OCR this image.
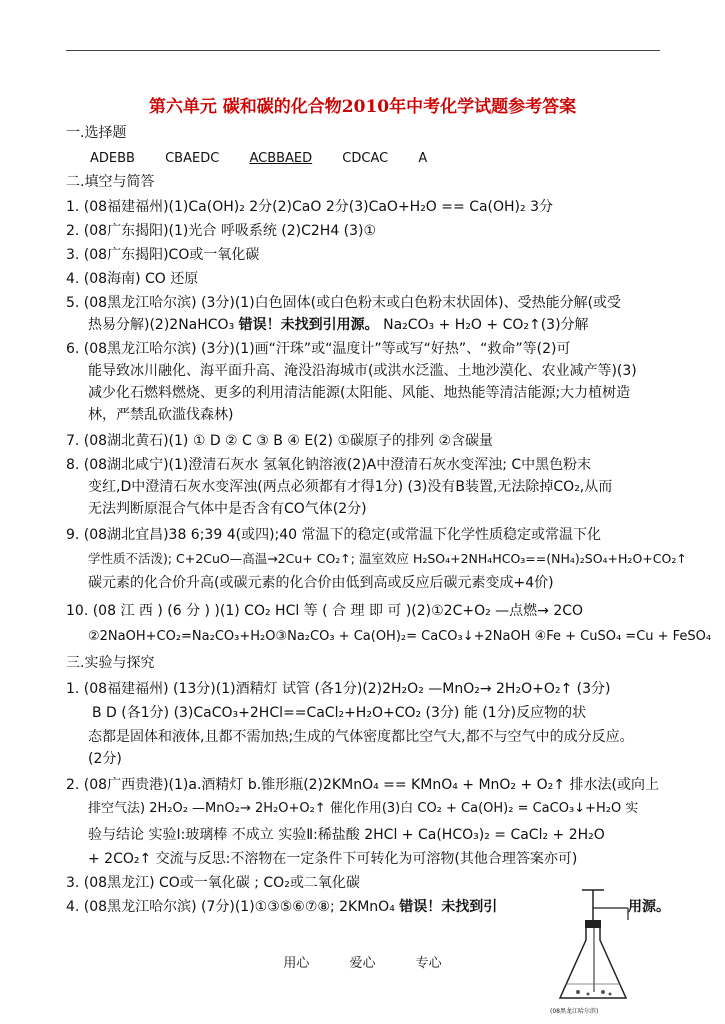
第六单元 碳和碳的化合物2010年中考化学试题参考答案
一.选择题
ADEBB CBAEDC ACBBAED CDCAC A
二.填空与简答
1. (08福建福州)(1)Ca(OH)₂ 2分(2)CaO 2分(3)CaO+H₂O == Ca(OH)₂ 3分
2. (08广东揭阳)(1)光合 呼吸系统 (2)C2H4 (3)①
3. (08广东揭阳)CO或一氧化碳
4. (08海南) CO 还原
5. (08黑龙江哈尔滨) (3分)(1)白色固体(或白色粉末或白色粉末状固体)、受热能分解(或受
热易分解)(2)2NaHCO₃ 错误！未找到引用源。 Na₂CO₃ + H₂O + CO₂↑(3)分解
6. (08黑龙江哈尔滨) (3分)(1)画“汗珠”或“温度计”等或写“好热”、“救命”等(2)可
能导致冰川融化、海平面升高、淹没沿海城市(或洪水泛滥、土地沙漠化、农业减产等)(3)
减少化石燃料燃烧、更多的利用清洁能源(太阳能、风能、地热能等清洁能源;大力植树造
林，严禁乱砍滥伐森林)
7. (08湖北黄石)(1) ① D ② C ③ B ④ E(2) ①碳原子的排列 ②含碳量
8. (08湖北咸宁)(1)澄清石灰水 氢氧化钠溶液(2)A中澄清石灰水变浑浊; C中黑色粉末
变红,D中澄清石灰水变浑浊(两点必须都有才得1分) (3)没有B装置,无法除掉CO₂,从而
无法判断原混合气体中是否含有CO气体(2分)
9. (08湖北宜昌)38 6;39 4(或四);40 常温下的稳定(或常温下化学性质稳定或常温下化
学性质不活泼); C+2CuO—高温→2Cu+ CO₂↑; 温室效应 H₂SO₄+2NH₄HCO₃==(NH₄)₂SO₄+H₂O+CO₂↑
碳元素的化合价升高(或碳元素的化合价由低到高或反应后碳元素变成+4价)
10. (08 江 西 ) (6 分 ) )(1) CO₂ HCl 等 ( 合 理 即 可 )(2)①2C+O₂ —点燃→ 2CO
②2NaOH+CO₂=Na₂CO₃+H₂O③Na₂CO₃ + Ca(OH)₂= CaCO₃↓+2NaOH ④Fe + CuSO₄ =Cu + FeSO₄
三.实验与探究
1. (08福建福州) (13分)(1)酒精灯 试管 (各1分)(2)2H₂O₂ —MnO₂→ 2H₂O+O₂↑ (3分)
B D (各1分) (3)CaCO₃+2HCl==CaCl₂+H₂O+CO₂ (3分) 能 (1分)反应物的状
态都是固体和液体,且都不需加热;生成的气体密度都比空气大,都不与空气中的成分反应。
(2分)
2. (08广西贵港)(1)a.酒精灯 b.锥形瓶(2)2KMnO₄ == KMnO₄ + MnO₂ + O₂↑ 排水法(或向上
排空气法) 2H₂O₂ —MnO₂→ 2H₂O+O₂↑ 催化作用(3)白 CO₂ + Ca(OH)₂ = CaCO₃↓+H₂O 实
验与结论 实验Ⅰ:玻璃棒 不成立 实验Ⅱ:稀盐酸 2HCl + Ca(HCO₃)₂ = CaCl₂ + 2H₂O
+ 2CO₂↑ 交流与反思:不溶物在一定条件下可转化为可溶物(其他合理答案亦可)
3. (08黑龙江) CO或一氧化碳 ; CO₂或二氧化碳
4. (08黑龙江哈尔滨) (7分)(1)①③⑤⑥⑦⑧; 2KMnO₄ 错误！未找到引	用源。
(08黑龙江哈尔滨)
用心	爱心	专心
